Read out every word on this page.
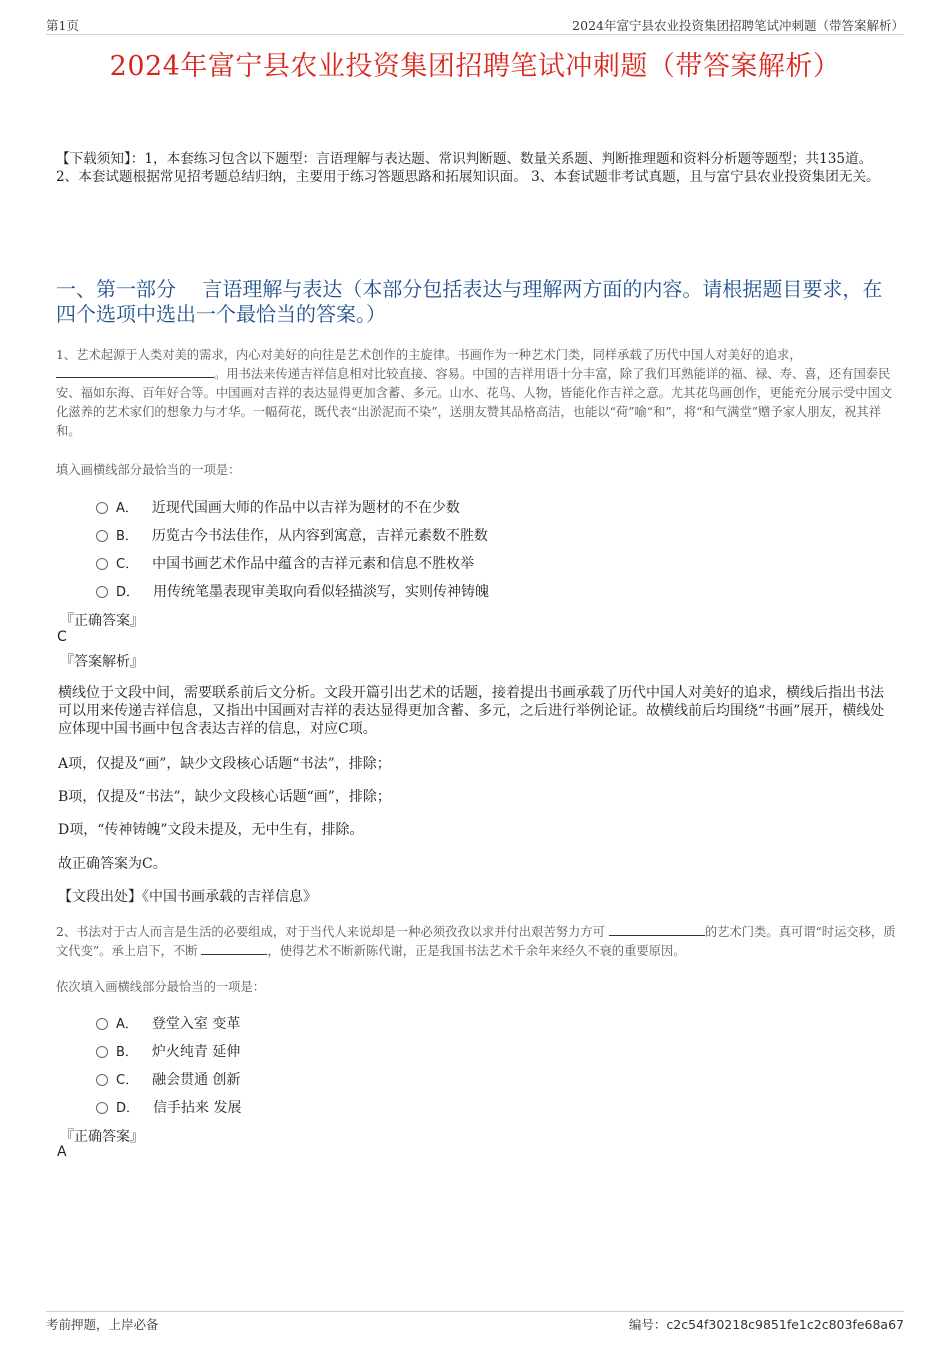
第1页	2024年富宁县农业投资集团招聘笔试冲刺题（带答案解析）
2024年富宁县农业投资集团招聘笔试冲刺题（带答案解析）
【下载须知】：1，本套练习包含以下题型：言语理解与表达题、常识判断题、数量关系题、判断推理题和资料分析题等题型；共135道。 2、本套试题根据常见招考题总结归纳，主要用于练习答题思路和拓展知识面。 3、本套试题非考试真题，且与富宁县农业投资集团无关。
一、第一部分　 言语理解与表达（本部分包括表达与理解两方面的内容。请根据题目要求，在四个选项中选出一个最恰当的答案。）
1、艺术起源于人类对美的需求，内心对美好的向往是艺术创作的主旋律。书画作为一种艺术门类，同样承载了历代中国人对美好的追求，
。用书法来传递吉祥信息相对比较直接、容易。中国的吉祥用语十分丰富，除了我们耳熟能详的福、禄、寿、喜，还有国泰民安、福如东海、百年好合等。中国画对吉祥的表达显得更加含蓄、多元。山水、花鸟、人物，皆能化作吉祥之意。尤其花鸟画创作，更能充分展示受中国文化滋养的艺术家们的想象力与才华。一幅荷花，既代表“出淤泥而不染”，送朋友赞其品格高洁，也能以“荷”喻“和”，将“和气满堂”赠予家人朋友，祝其祥和。
填入画横线部分最恰当的一项是：
A． 近现代国画大师的作品中以吉祥为题材的不在少数
B． 历览古今书法佳作，从内容到寓意，吉祥元素数不胜数
C． 中国书画艺术作品中蕴含的吉祥元素和信息不胜枚举
D． 用传统笔墨表现审美取向看似轻描淡写，实则传神铸魄
『正确答案』
C
『答案解析』
横线位于文段中间，需要联系前后文分析。文段开篇引出艺术的话题，接着提出书画承载了历代中国人对美好的追求，横线后指出书法可以用来传递吉祥信息，又指出中国画对吉祥的表达显得更加含蓄、多元，之后进行举例论证。故横线前后均围绕“书画”展开，横线处应体现中国书画中包含表达吉祥的信息，对应C项。
A项，仅提及“画”，缺少文段核心话题“书法”，排除；
B项，仅提及“书法”，缺少文段核心话题“画”，排除；
D项，“传神铸魄”文段未提及，无中生有，排除。
故正确答案为C。
【文段出处】《中国书画承载的吉祥信息》
2、书法对于古人而言是生活的必要组成，对于当代人来说却是一种必须孜孜以求并付出艰苦努力方可	的艺术门类。真可谓“时运交移，质文代变”。承上启下，不断	，使得艺术不断新陈代谢，正是我国书法艺术千余年来经久不衰的重要原因。
依次填入画横线部分最恰当的一项是：
A． 登堂入室 变革
B． 炉火纯青 延伸
C． 融会贯通 创新
D． 信手拈来 发展
『正确答案』
A
考前押题，上岸必备	编号：c2c54f30218c9851fe1c2c803fe68a67
